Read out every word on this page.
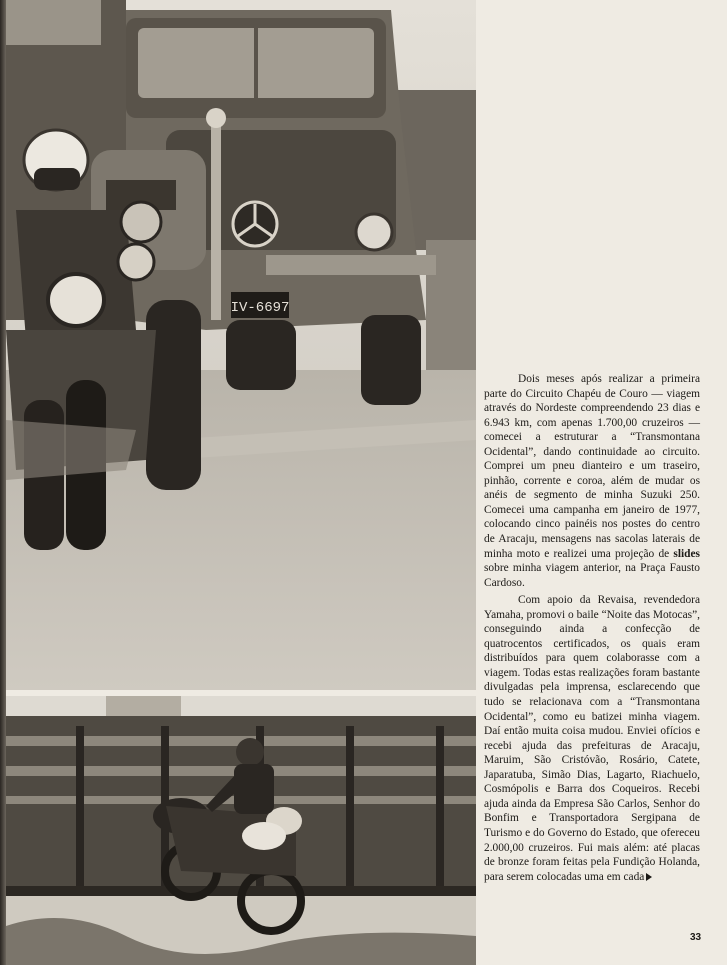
IV-6697

Dois meses após realizar a primeira parte do Circuito Chapéu de Couro — viagem através do Nordeste compreendendo 23 dias e 6.943 km, com apenas 1.700,00 cruzeiros — comecei a estruturar a “Transmontana Ocidental”, dando continuidade ao circuito. Comprei um pneu dianteiro e um traseiro, pinhão, corrente e coroa, além de mudar os anéis de segmento de minha Suzuki 250. Comecei uma campanha em janeiro de 1977, colocando cinco painéis nos postes do centro de Aracaju, mensagens nas sacolas laterais de minha moto e realizei uma projeção de slides sobre minha viagem anterior, na Praça Fausto Cardoso.

Com apoio da Revaisa, revendedora Yamaha, promovi o baile “Noite das Motocas”, conseguindo ainda a confecção de quatrocentos certificados, os quais eram distribuídos para quem colaborasse com a viagem. Todas estas realizações foram bastante divulgadas pela imprensa, esclarecendo que tudo se relacionava com a “Transmontana Ocidental”, como eu batizei minha viagem. Daí então muita coisa mudou. Enviei ofícios e recebi ajuda das prefeituras de Aracaju, Maruim, São Cristóvão, Rosário, Catete, Japaratuba, Simão Dias, Lagarto, Riachuelo, Cosmópolis e Barra dos Coqueiros. Recebi ajuda ainda da Empresa São Carlos, Senhor do Bonfim e Transportadora Sergipana de Turismo e do Governo do Estado, que ofereceu 2.000,00 cruzeiros. Fui mais além: até placas de bronze foram feitas pela Fundição Holanda, para serem colocadas uma em cada

33
